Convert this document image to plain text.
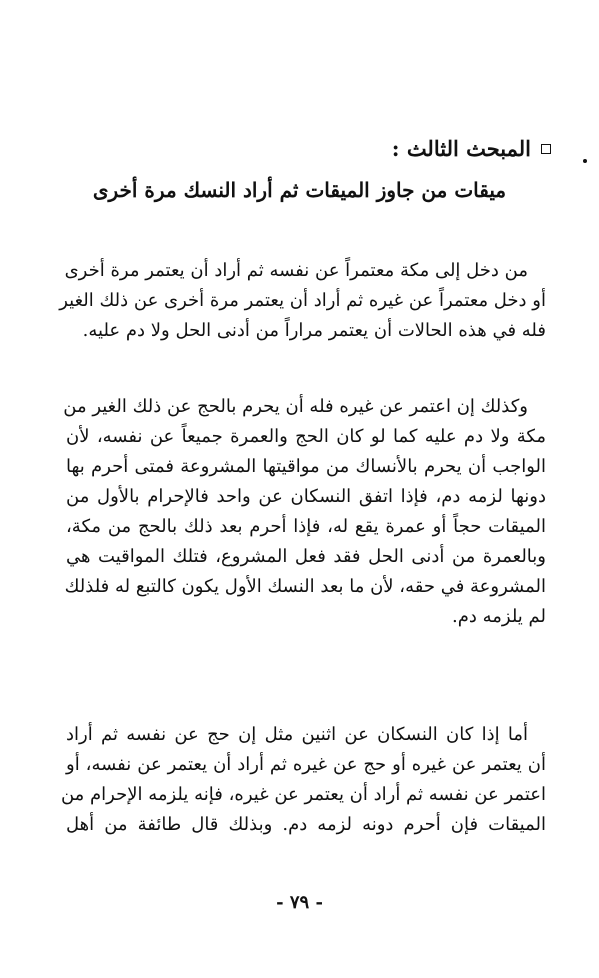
المبحث الثالث :
ميقات من جاوز الميقات ثم أراد النسك مرة أخرى
من دخل إلى مكة معتمراً عن نفسه ثم أراد أن يعتمر مرة أخرى
أو دخل معتمراً عن غيره ثم أراد أن يعتمر مرة أخرى عن ذلك الغير
فله في هذه الحالات أن يعتمر مراراً من أدنى الحل ولا دم عليه.
وكذلك إن اعتمر عن غيره فله أن يحرم بالحج عن ذلك الغير من
مكة ولا دم عليه كما لو كان الحج والعمرة جميعاً عن نفسه، لأن
الواجب أن يحرم بالأنساك من مواقيتها المشروعة فمتى أحرم بها
دونها لزمه دم، فإذا اتفق النسكان عن واحد فالإحرام بالأول من
الميقات حجاً أو عمرة يقع له، فإذا أحرم بعد ذلك بالحج من مكة،
وبالعمرة من أدنى الحل فقد فعل المشروع، فتلك المواقيت هي
المشروعة في حقه، لأن ما بعد النسك الأول يكون كالتبع له فلذلك
لم يلزمه دم.
أما إذا كان النسكان عن اثنين مثل إن حج عن نفسه ثم أراد
أن يعتمر عن غيره أو حج عن غيره ثم أراد أن يعتمر عن نفسه، أو
اعتمر عن نفسه ثم أراد أن يعتمر عن غيره، فإنه يلزمه الإحرام من
الميقات فإن أحرم دونه لزمه دم. وبذلك قال طائفة من أهل
- ٧٩ -
